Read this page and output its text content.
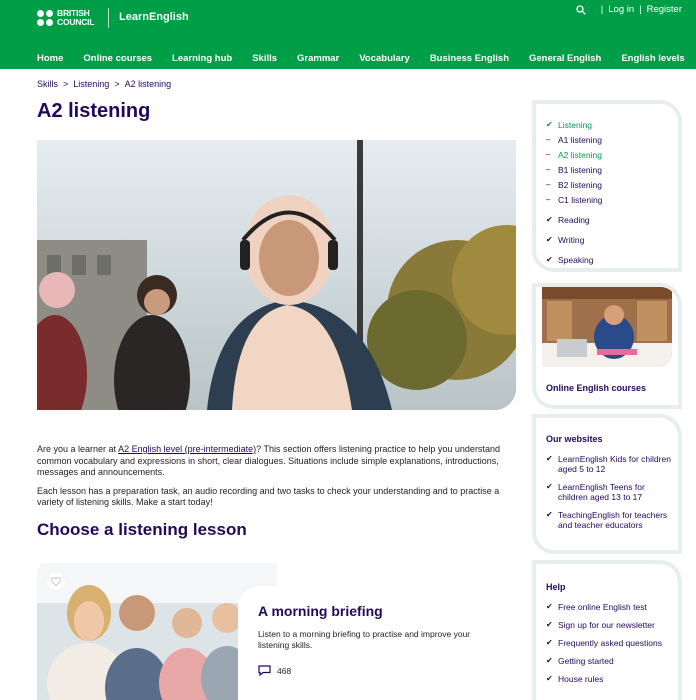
BRITISH
COUNCIL LearnEnglish
| Log in | Register
Home Online courses Learning hub Skills Grammar Vocabulary Business English General English English levels
Skills > Listening > A2 listening
A2 listening

Are you a learner at A2 English level (pre-intermediate)? This section offers listening practice to help you understand common vocabulary and expressions in short, clear dialogues. Situations include simple explanations, introductions, messages and announcements.

Each lesson has a preparation task, an audio recording and two tasks to check your understanding and to practise a variety of listening skills. Make a start today!

Choose a listening lesson
A morning briefing
Listen to a morning briefing to practise and improve your listening skills.
468
✔ Listening
– A1 listening
– A2 listening
– B1 listening
– B2 listening
– C1 listening
✔ Reading
✔ Writing
✔ Speaking
Online English courses
Our websites
✔ LearnEnglish Kids for children aged 5 to 12
✔ LearnEnglish Teens for children aged 13 to 17
✔ TeachingEnglish for teachers and teacher educators
Help
✔ Free online English test
✔ Sign up for our newsletter
✔ Frequently asked questions
✔ Getting started
✔ House rules
